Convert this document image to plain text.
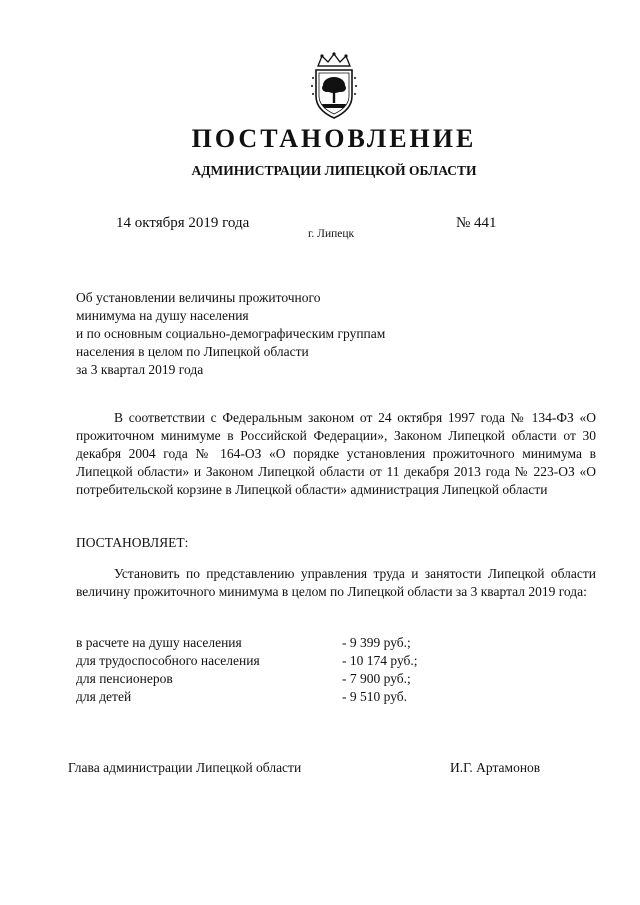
ПОСТАНОВЛЕНИЕ
АДМИНИСТРАЦИИ ЛИПЕЦКОЙ ОБЛАСТИ
14 октября 2019 года
г. Липецк
№ 441
Об установлении величины прожиточного
минимума на душу населения
и по основным социально-демографическим группам
населения в целом по Липецкой области
за 3 квартал 2019 года
В соответствии с Федеральным законом от 24 октября 1997 года № 134-ФЗ «О прожиточном минимуме в Российской Федерации», Законом Липецкой области от 30 декабря 2004 года № 164-ОЗ «О порядке установления прожиточного минимума в Липецкой области» и Законом Липецкой области от 11 декабря 2013 года № 223-ОЗ «О потребительской корзине в Липецкой области» администрация Липецкой области
ПОСТАНОВЛЯЕТ:
Установить по представлению управления труда и занятости Липецкой области величину прожиточного минимума в целом по Липецкой области за 3 квартал 2019 года:
в расчете на душу населения	- 9 399 руб.;
для трудоспособного населения	- 10 174 руб.;
для пенсионеров	- 7 900 руб.;
для детей	- 9 510 руб.
Глава администрации Липецкой области	И.Г. Артамонов
